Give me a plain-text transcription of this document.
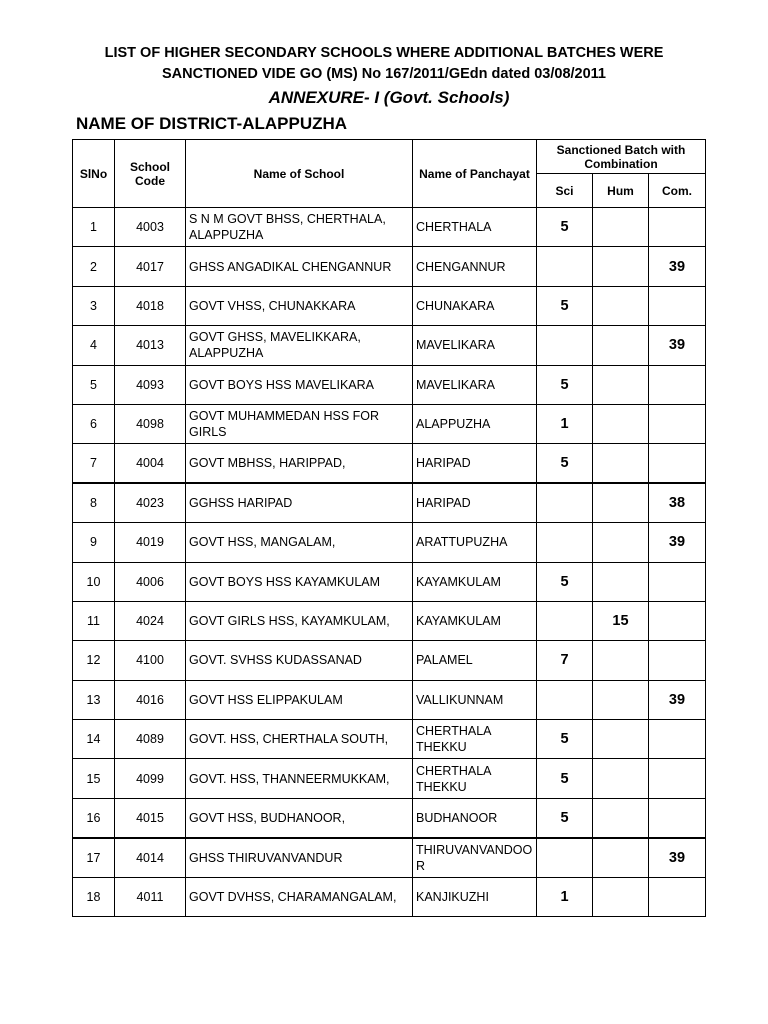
LIST OF HIGHER SECONDARY SCHOOLS WHERE ADDITIONAL BATCHES WERE
SANCTIONED VIDE GO (MS) No 167/2011/GEdn dated 03/08/2011
ANNEXURE- I (Govt. Schools)
NAME OF DISTRICT-ALAPPUZHA
SlNo	School Code	Name of School	Name of Panchayat	Sanctioned Batch with Combination		
				Sci	Hum	Com.
1	4003	S N M GOVT BHSS, CHERTHALA, ALAPPUZHA	CHERTHALA	5		
2	4017	GHSS ANGADIKAL CHENGANNUR	CHENGANNUR			39
3	4018	GOVT VHSS, CHUNAKKARA	CHUNAKARA	5		
4	4013	GOVT GHSS, MAVELIKKARA, ALAPPUZHA	MAVELIKARA			39
5	4093	GOVT BOYS HSS MAVELIKARA	MAVELIKARA	5		
6	4098	GOVT MUHAMMEDAN HSS FOR GIRLS	ALAPPUZHA	1		
7	4004	GOVT MBHSS, HARIPPAD,	HARIPAD	5		
8	4023	GGHSS HARIPAD	HARIPAD			38
9	4019	GOVT HSS, MANGALAM,	ARATTUPUZHA			39
10	4006	GOVT BOYS HSS KAYAMKULAM	KAYAMKULAM	5		
11	4024	GOVT GIRLS HSS, KAYAMKULAM,	KAYAMKULAM		15	
12	4100	GOVT. SVHSS KUDASSANAD	PALAMEL	7		
13	4016	GOVT HSS ELIPPAKULAM	VALLIKUNNAM			39
14	4089	GOVT. HSS, CHERTHALA SOUTH,	CHERTHALA THEKKU	5		
15	4099	GOVT. HSS, THANNEERMUKKAM,	CHERTHALA THEKKU	5		
16	4015	GOVT HSS, BUDHANOOR,	BUDHANOOR	5		
17	4014	GHSS THIRUVANVANDUR	THIRUVANVANDOO R			39
18	4011	GOVT DVHSS, CHARAMANGALAM,	KANJIKUZHI	1		
